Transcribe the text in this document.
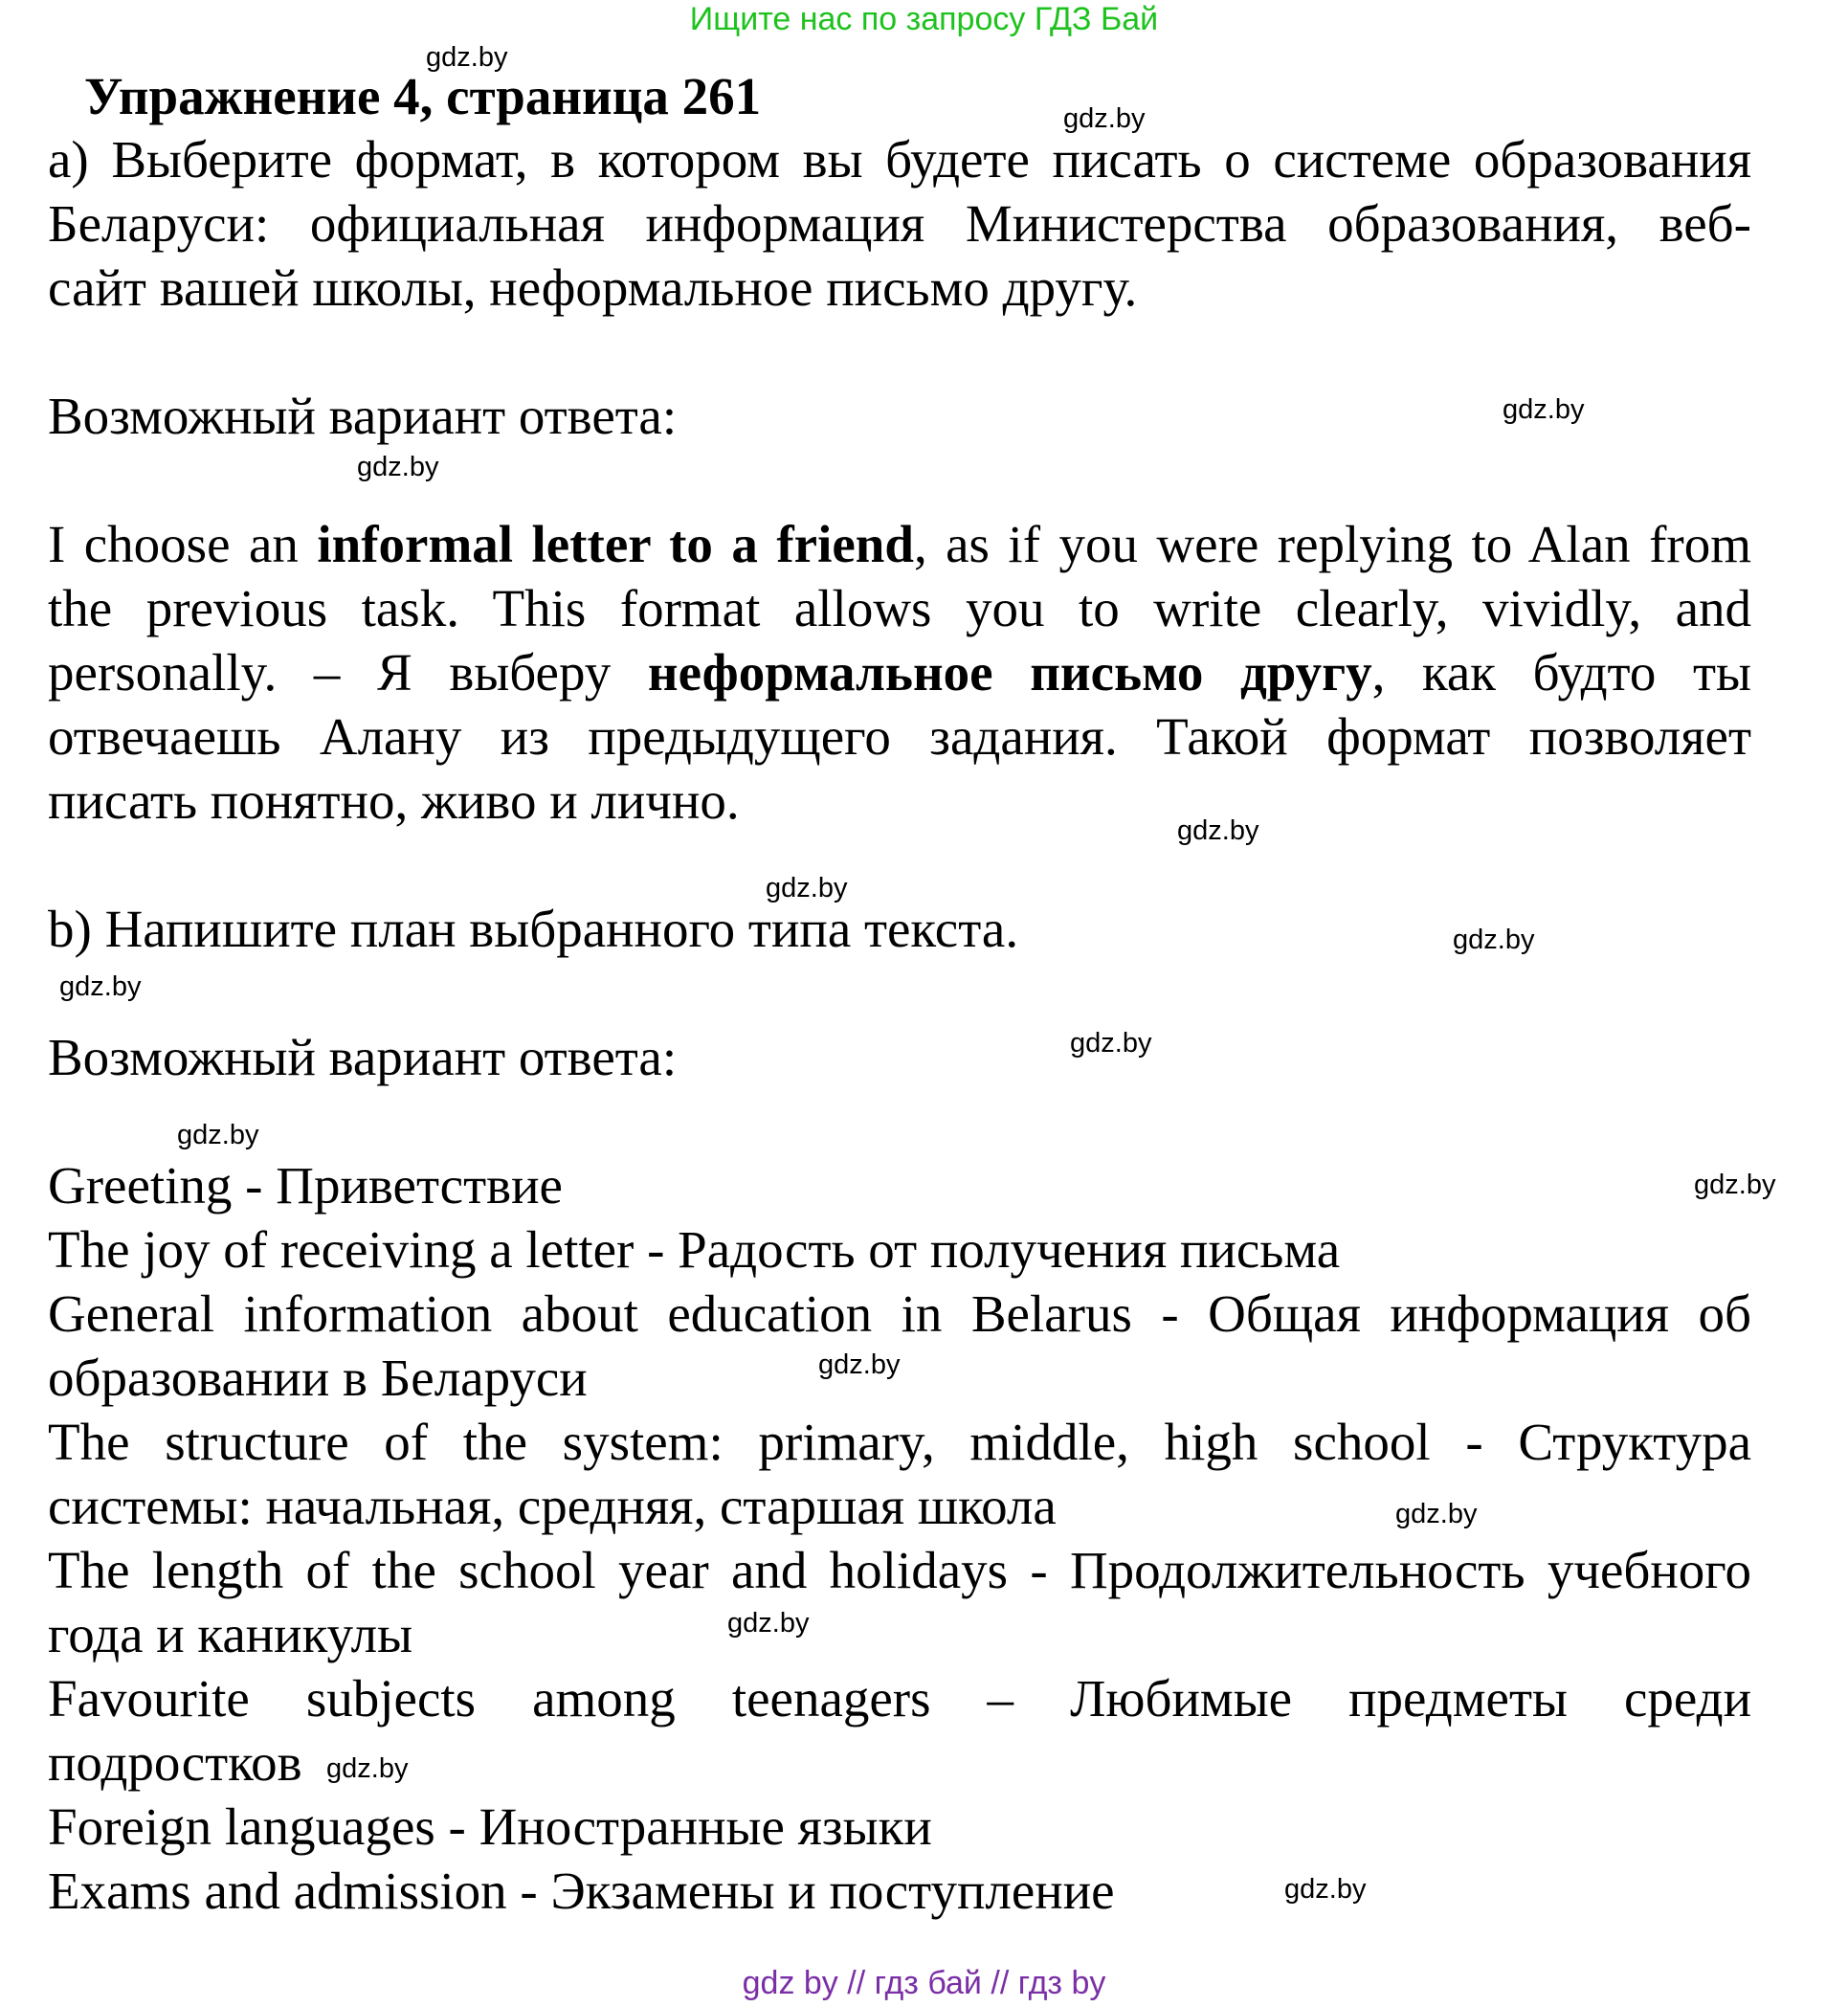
Ищите нас по запросу ГДЗ Бай
Упражнение 4, страница 261
a) Выберите формат, в котором вы будете писать о системе образования
Беларуси: официальная информация Министерства образования, веб-
сайт вашей школы, неформальное письмо другу.
Возможный вариант ответа:
I choose an informal letter to a friend, as if you were replying to Alan from
the previous task. This format allows you to write clearly, vividly, and
personally. – Я выберу неформальное письмо другу, как будто ты
отвечаешь Алану из предыдущего задания. Такой формат позволяет
писать понятно, живо и лично.
b) Напишите план выбранного типа текста.
Возможный вариант ответа:
Greeting - Приветствие
The joy of receiving a letter - Радость от получения письма
General information about education in Belarus - Общая информация об
образовании в Беларуси
The structure of the system: primary, middle, high school - Структура
системы: начальная, средняя, старшая школа
The length of the school year and holidays - Продолжительность учебного
года и каникулы
Favourite subjects among teenagers – Любимые предметы среди
подростков
Foreign languages - Иностранные языки
Exams and admission - Экзамены и поступление
gdz.by
gdz.by
gdz.by
gdz.by
gdz.by
gdz.by
gdz.by
gdz.by
gdz.by
gdz.by
gdz.by
gdz.by
gdz.by
gdz.by
gdz.by
gdz.by
gdz by // гдз бай // гдз by
